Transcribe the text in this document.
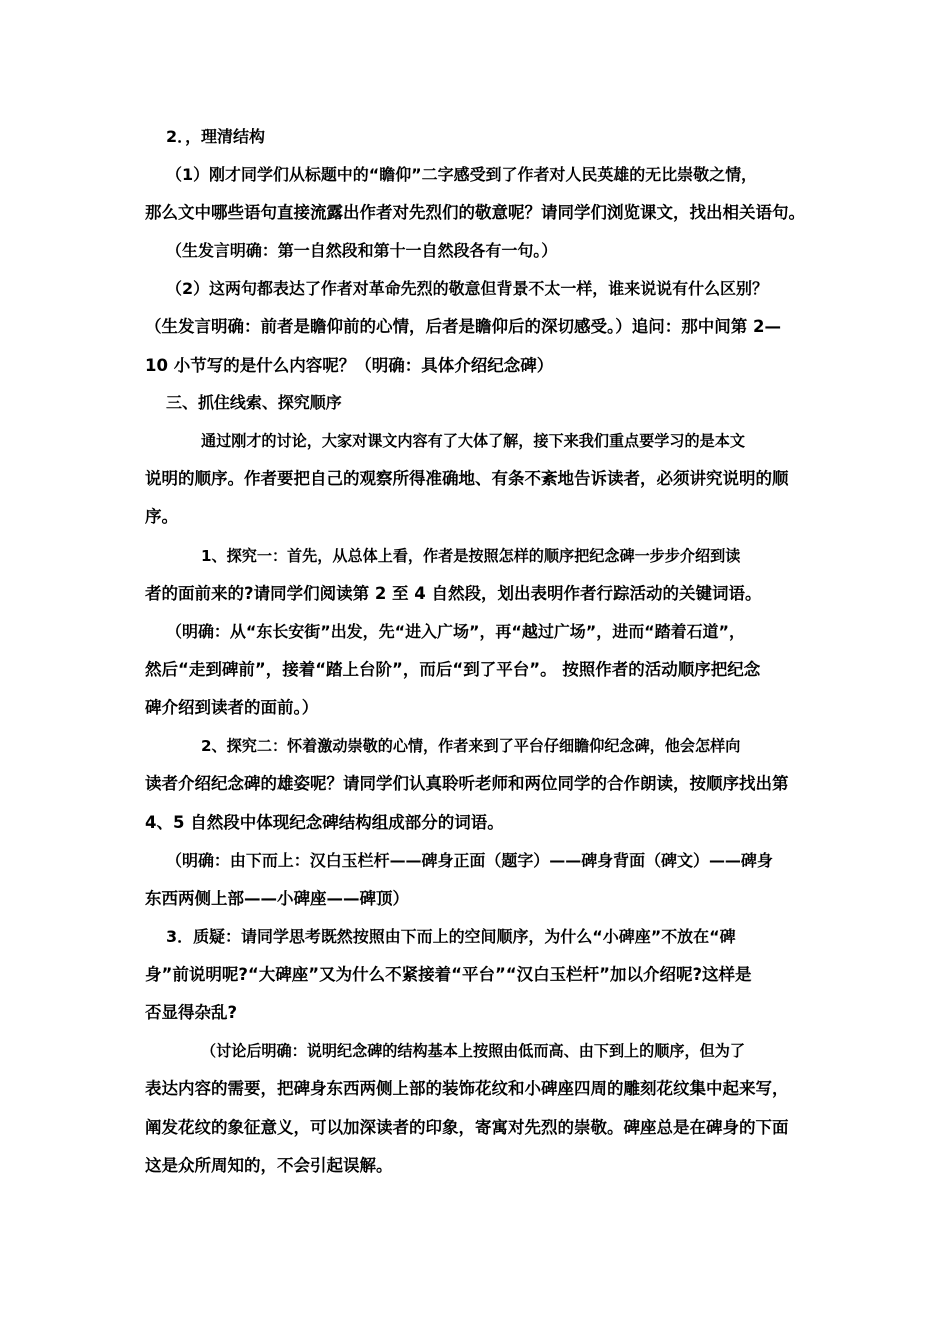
2．，理清结构
（1）刚才同学们从标题中的“瞻仰”二字感受到了作者对人民英雄的无比崇敬之情，
那么文中哪些语句直接流露出作者对先烈们的敬意呢？请同学们浏览课文，找出相关语句。
（生发言明确：第一自然段和第十一自然段各有一句。）
（2）这两句都表达了作者对革命先烈的敬意但背景不太一样，谁来说说有什么区别？
（生发言明确：前者是瞻仰前的心情，后者是瞻仰后的深切感受。）追问：那中间第 2—
10 小节写的是什么内容呢？（明确：具体介绍纪念碑）
三、抓住线索、探究顺序
通过刚才的讨论，大家对课文内容有了大体了解，接下来我们重点要学习的是本文
说明的顺序。作者要把自己的观察所得准确地、有条不紊地告诉读者，必须讲究说明的顺
序。
1、探究一：首先，从总体上看，作者是按照怎样的顺序把纪念碑一步步介绍到读
者的面前来的?请同学们阅读第 2 至 4 自然段，划出表明作者行踪活动的关键词语。
（明确：从“东长安街”出发，先“进入广场”，再“越过广场”，进而“踏着石道”，
然后“走到碑前”，接着“踏上台阶”，而后“到了平台”。 按照作者的活动顺序把纪念
碑介绍到读者的面前。）
2、探究二：怀着激动崇敬的心情，作者来到了平台仔细瞻仰纪念碑，他会怎样向
读者介绍纪念碑的雄姿呢？请同学们认真聆听老师和两位同学的合作朗读，按顺序找出第
4、5 自然段中体现纪念碑结构组成部分的词语。
（明确：由下而上：汉白玉栏杆——碑身正面（题字）——碑身背面（碑文）——碑身
东西两侧上部——小碑座——碑顶）
3．质疑：请同学思考既然按照由下而上的空间顺序，为什么“小碑座”不放在“碑
身”前说明呢?“大碑座”又为什么不紧接着“平台”“汉白玉栏杆”加以介绍呢?这样是
否显得杂乱?
（讨论后明确：说明纪念碑的结构基本上按照由低而高、由下到上的顺序，但为了
表达内容的需要，把碑身东西两侧上部的装饰花纹和小碑座四周的雕刻花纹集中起来写，
阐发花纹的象征意义，可以加深读者的印象，寄寓对先烈的崇敬。碑座总是在碑身的下面
这是众所周知的，不会引起误解。
